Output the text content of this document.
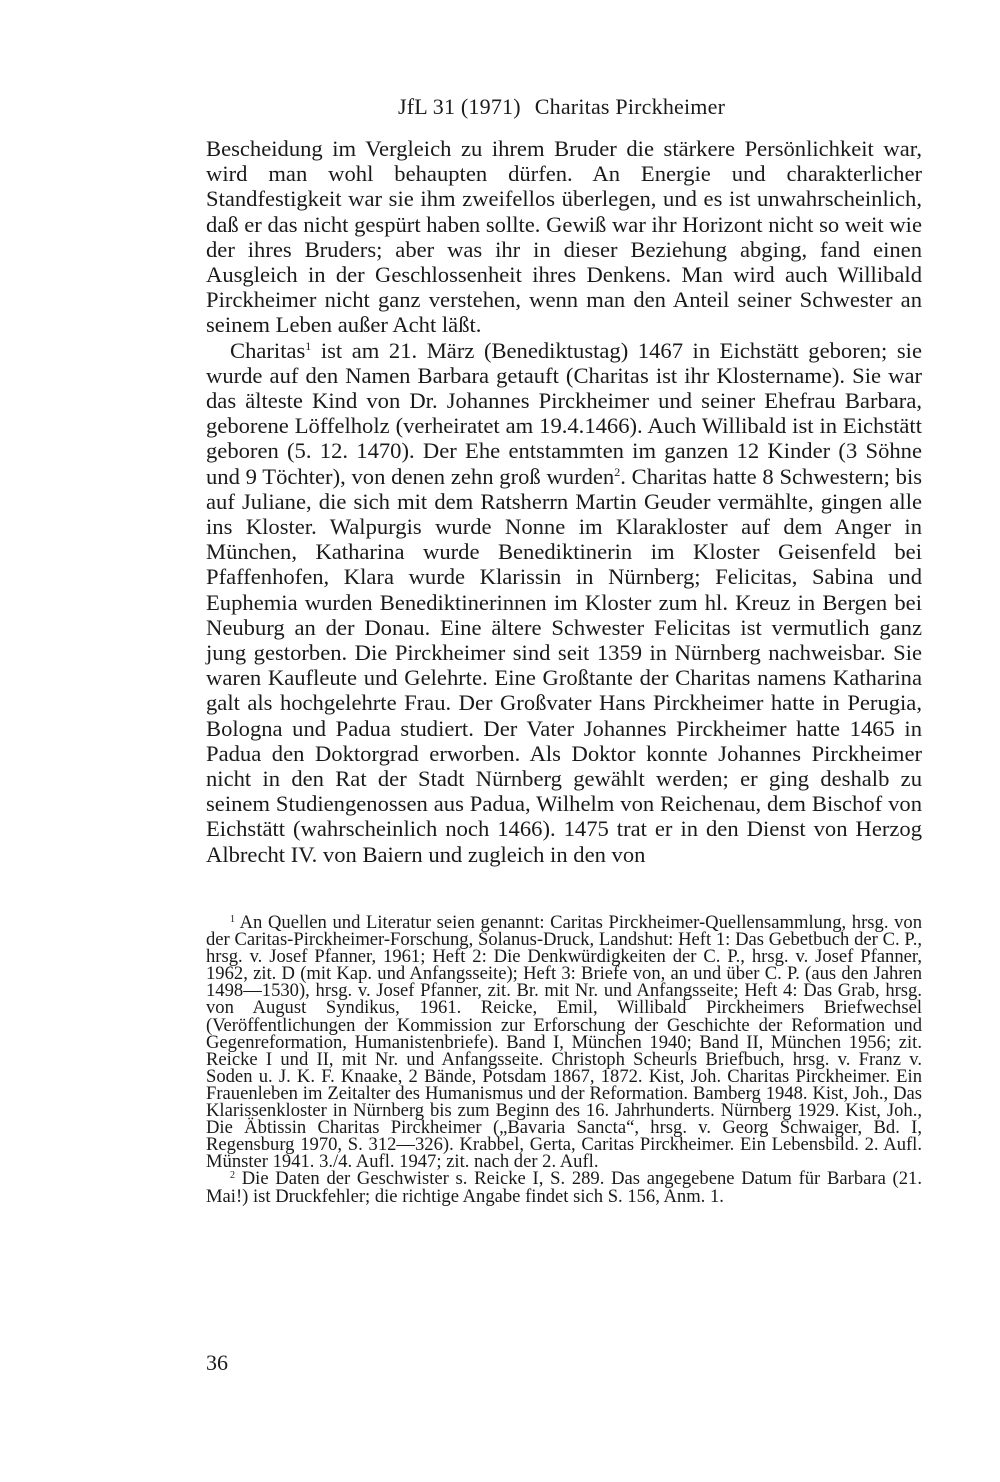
JfL 31 (1971) Charitas Pirckheimer

Bescheidung im Vergleich zu ihrem Bruder die stärkere Persönlichkeit war, wird man wohl behaupten dürfen. An Energie und charakterlicher Standfestigkeit war sie ihm zweifellos überlegen, und es ist unwahrscheinlich, daß er das nicht gespürt haben sollte. Gewiß war ihr Horizont nicht so weit wie der ihres Bruders; aber was ihr in dieser Beziehung abging, fand einen Ausgleich in der Geschlossenheit ihres Denkens. Man wird auch Willibald Pirckheimer nicht ganz verstehen, wenn man den Anteil seiner Schwester an seinem Leben außer Acht läßt.

Charitas$^1$ ist am 21. März (Benediktustag) 1467 in Eichstätt geboren; sie wurde auf den Namen Barbara getauft (Charitas ist ihr Klostername). Sie war das älteste Kind von Dr. Johannes Pirckheimer und seiner Ehefrau Barbara, geborene Löffelholz (verheiratet am 19.4.1466). Auch Willibald ist in Eichstätt geboren (5. 12. 1470). Der Ehe entstammten im ganzen 12 Kinder (3 Söhne und 9 Töchter), von denen zehn groß wurden$^2$. Charitas hatte 8 Schwestern; bis auf Juliane, die sich mit dem Ratsherrn Martin Geuder vermählte, gingen alle ins Kloster. Walpurgis wurde Nonne im Klarakloster auf dem Anger in München, Katharina wurde Benediktinerin im Kloster Geisenfeld bei Pfaffenhofen, Klara wurde Klarissin in Nürnberg; Felicitas, Sabina und Euphemia wurden Benediktinerinnen im Kloster zum hl. Kreuz in Bergen bei Neuburg an der Donau. Eine ältere Schwester Felicitas ist vermutlich ganz jung gestorben. Die Pirckheimer sind seit 1359 in Nürnberg nachweisbar. Sie waren Kaufleute und Gelehrte. Eine Großtante der Charitas namens Katharina galt als hochgelehrte Frau. Der Großvater Hans Pirckheimer hatte in Perugia, Bologna und Padua studiert. Der Vater Johannes Pirckheimer hatte 1465 in Padua den Doktorgrad erworben. Als Doktor konnte Johannes Pirckheimer nicht in den Rat der Stadt Nürnberg gewählt werden; er ging deshalb zu seinem Studiengenossen aus Padua, Wilhelm von Reichenau, dem Bischof von Eichstätt (wahrscheinlich noch 1466). 1475 trat er in den Dienst von Herzog Albrecht IV. von Baiern und zugleich in den von

$^1$ An Quellen und Literatur seien genannt: Caritas Pirckheimer-Quellensammlung, hrsg. von der Caritas-Pirckheimer-Forschung, Solanus-Druck, Landshut: Heft 1: Das Gebetbuch der C. P., hrsg. v. Josef Pfanner, 1961; Heft 2: Die Denkwürdigkeiten der C. P., hrsg. v. Josef Pfanner, 1962, zit. D (mit Kap. und Anfangsseite); Heft 3: Briefe von, an und über C. P. (aus den Jahren 1498—1530), hrsg. v. Josef Pfanner, zit. Br. mit Nr. und Anfangsseite; Heft 4: Das Grab, hrsg. von August Syndikus, 1961. Reicke, Emil, Willibald Pirckheimers Briefwechsel (Veröffentlichungen der Kommission zur Erforschung der Geschichte der Reformation und Gegenreformation, Humanistenbriefe). Band I, München 1940; Band II, München 1956; zit. Reicke I und II, mit Nr. und Anfangsseite. Christoph Scheurls Briefbuch, hrsg. v. Franz v. Soden u. J. K. F. Knaake, 2 Bände, Potsdam 1867, 1872. Kist, Joh. Charitas Pirckheimer. Ein Frauenleben im Zeitalter des Humanismus und der Reformation. Bamberg 1948. Kist, Joh., Das Klarissenkloster in Nürnberg bis zum Beginn des 16. Jahrhunderts. Nürnberg 1929. Kist, Joh., Die Äbtissin Charitas Pirckheimer („Bavaria Sancta“, hrsg. v. Georg Schwaiger, Bd. I, Regensburg 1970, S. 312—326). Krabbel, Gerta, Caritas Pirckheimer. Ein Lebensbild. 2. Aufl. Münster 1941. 3./4. Aufl. 1947; zit. nach der 2. Aufl.

$^2$ Die Daten der Geschwister s. Reicke I, S. 289. Das angegebene Datum für Barbara (21. Mai!) ist Druckfehler; die richtige Angabe findet sich S. 156, Anm. 1.

36
